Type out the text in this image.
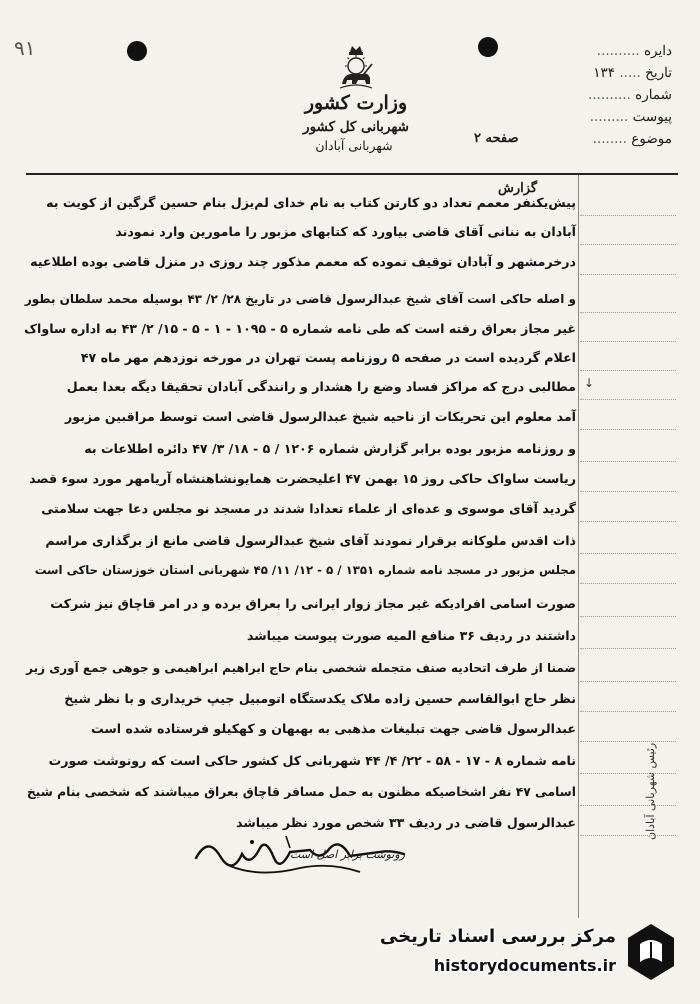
۹۱
وزارت کشور
شهربانی کل کشور
شهربانی آبادان	صفحه ۲
دایره ..........
تاریخ ..... ۱۳۴
شماره ..........
پیوست .........
موضوع ........
گزارش
پیش‌یکنفر معمم تعداد دو کارتن کتاب به نام خدای لم‌یزل بنام حسین گرگین از کویت به
آبادان به ننانی آقای قاضی بیاورد که کتابهای مزبور را مامورین وارد نمودند
درخرمشهر و آبادان توقیف نموده که معمم مذکور چند روزی در منزل قاضی بوده اطلاعیه
و اصله حاکی است آقای شیخ عبدالرسول قاضی در تاریخ ۲۸/ ۲/ ۴۳ بوسیله محمد سلطان بطور
غیر مجاز بعراق رفته است که طی نامه شماره ۵ - ۱۰۹۵ - ۱ - ۵ - ۱۵/ ۲/ ۴۳ به اداره ساواک
اعلام گردیده است در صفحه ۵ روزنامه پست تهران در مورخه نوزدهم مهر ماه ۴۷
مطالبی درج که مراکز فساد وضع را هشدار و رانندگی آبادان تحقیقا دیگه بعدا بعمل
آمد معلوم این تحریکات از ناحیه شیخ عبدالرسول قاضی است توسط مراقبین مزبور
و روزنامه مزبور بوده برابر گزارش شماره ۱۲۰۶ / ۵ - ۱۸/ ۳/ ۴۷ دائره اطلاعات به
ریاست ساواک حاکی روز ۱۵ بهمن ۴۷ اعلیحضرت همایونشاهنشاه آریامهر مورد سوء قصد
گردید آقای موسوی و عده‌ای از علماء تعدادا شدند در مسجد نو مجلس دعا جهت سلامتی
ذات اقدس ملوکانه برقرار نمودند آقای شیخ عبدالرسول قاضی مانع از برگذاری مراسم
مجلس مزبور در مسجد نامه شماره ۱۳۵۱ / ۵ - ۱۲/ ۱۱/ ۴۵ شهربانی استان خوزستان حاکی است
صورت اسامی افرادیکه غیر مجاز زوار ایرانی را بعراق برده و در امر قاچاق نیز شرکت
داشتند در ردیف ۳۶ منافع المیه صورت پیوست میباشد
ضمنا از طرف اتحادیه صنف متجمله شخصی بنام حاج ابراهیم ابراهیمی و جوهی جمع آوری زیر
نظر حاج ابوالقاسم حسین زاده ملاک یکدستگاه اتومبیل جیپ خریداری و با نظر شیخ
عبدالرسول قاضی جهت تبلیغات مذهبی به بهبهان و کهکیلو فرستاده شده است
نامه شماره ۸ - ۱۷ - ۵۸ - ۲۲/ ۴/ ۴۴ شهربانی کل کشور حاکی است که رونوشت صورت
اسامی ۴۷ نفر اشخاصیکه مظنون به حمل مسافر قاچاق بعراق میباشند که شخصی بنام شیخ
عبدالرسول قاضی در ردیف ۳۳ شخص مورد نظر میباشد
↓
رئیس شهربانی آبادان
رونوشت برابر اصل است
مرکز بررسی اسناد تاریخی
historydocuments.ir
